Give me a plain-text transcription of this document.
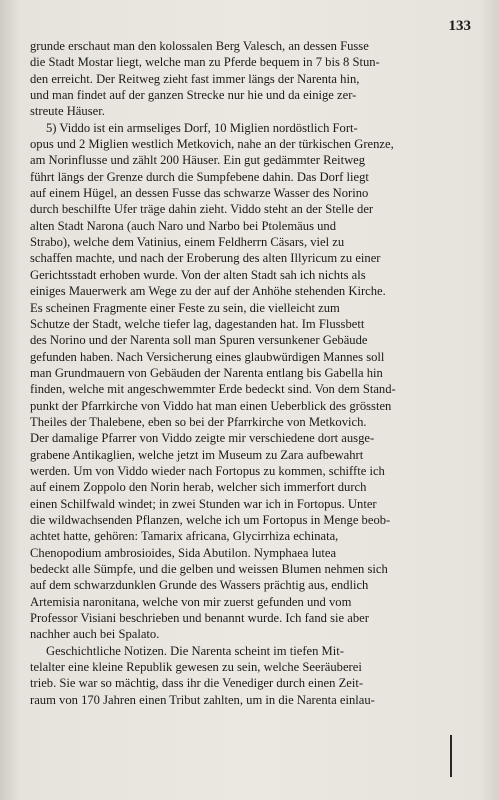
133
grunde erschaut man den kolossalen Berg Valesch, an dessen Fusse
die Stadt Mostar liegt, welche man zu Pferde bequem in 7 bis 8 Stun-
den erreicht. Der Reitweg zieht fast immer längs der Narenta hin,
und man findet auf der ganzen Strecke nur hie und da einige zer-
streute Häuser.
5) Viddo ist ein armseliges Dorf, 10 Miglien nordöstlich Fort-
opus und 2 Miglien westlich Metkovich, nahe an der türkischen Grenze,
am Norinflusse und zählt 200 Häuser. Ein gut gedämmter Reitweg
führt längs der Grenze durch die Sumpfebene dahin. Das Dorf liegt
auf einem Hügel, an dessen Fusse das schwarze Wasser des Norino
durch beschilfte Ufer träge dahin zieht. Viddo steht an der Stelle der
alten Stadt Narona (auch Naro und Narbo bei Ptolemäus und
Strabo), welche dem Vatinius, einem Feldherrn Cäsars, viel zu
schaffen machte, und nach der Eroberung des alten Illyricum zu einer
Gerichtsstadt erhoben wurde. Von der alten Stadt sah ich nichts als
einiges Mauerwerk am Wege zu der auf der Anhöhe stehenden Kirche.
Es scheinen Fragmente einer Feste zu sein, die vielleicht zum
Schutze der Stadt, welche tiefer lag, dagestanden hat. Im Flussbett
des Norino und der Narenta soll man Spuren versunkener Gebäude
gefunden haben. Nach Versicherung eines glaubwürdigen Mannes soll
man Grundmauern von Gebäuden der Narenta entlang bis Gabella hin
finden, welche mit angeschwemmter Erde bedeckt sind. Von dem Stand-
punkt der Pfarrkirche von Viddo hat man einen Ueberblick des grössten
Theiles der Thalebene, eben so bei der Pfarrkirche von Metkovich.
Der damalige Pfarrer von Viddo zeigte mir verschiedene dort ausge-
grabene Antikaglien, welche jetzt im Museum zu Zara aufbewahrt
werden. Um von Viddo wieder nach Fortopus zu kommen, schiffte ich
auf einem Zoppolo den Norin herab, welcher sich immerfort durch
einen Schilfwald windet; in zwei Stunden war ich in Fortopus. Unter
die wildwachsenden Pflanzen, welche ich um Fortopus in Menge beob-
achtet hatte, gehören: Tamarix africana, Glycirrhiza echinata,
Chenopodium ambrosioides, Sida Abutilon. Nymphaea lutea
bedeckt alle Sümpfe, und die gelben und weissen Blumen nehmen sich
auf dem schwarzdunklen Grunde des Wassers prächtig aus, endlich
Artemisia naronitana, welche von mir zuerst gefunden und vom
Professor Visiani beschrieben und benannt wurde. Ich fand sie aber
nachher auch bei Spalato.
Geschichtliche Notizen. Die Narenta scheint im tiefen Mit-
telalter eine kleine Republik gewesen zu sein, welche Seeräuberei
trieb. Sie war so mächtig, dass ihr die Venediger durch einen Zeit-
raum von 170 Jahren einen Tribut zahlten, um in die Narenta einlau-
